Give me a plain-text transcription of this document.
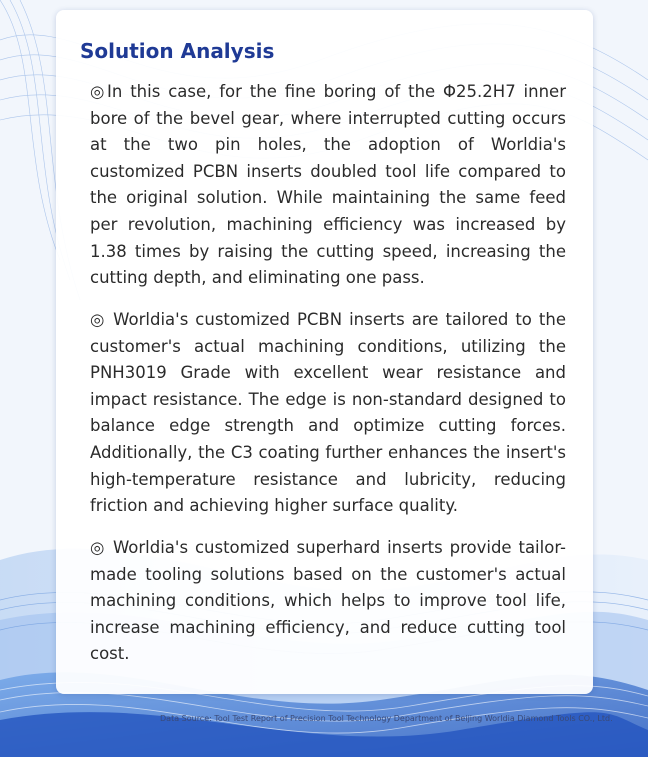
Solution Analysis

◎In this case, for the fine boring of the Φ25.2H7 inner bore of the bevel gear, where interrupted cutting occurs at the two pin holes, the adoption of Worldia's customized PCBN inserts doubled tool life compared to the original solution. While maintaining the same feed per revolution, machining efficiency was increased by 1.38 times by raising the cutting speed, increasing the cutting depth, and eliminating one pass.

◎ Worldia's customized PCBN inserts are tailored to the customer's actual machining conditions, utilizing the PNH3019 Grade with excellent wear resistance and impact resistance. The edge is non-standard designed to balance edge strength and optimize cutting forces. Additionally, the C3 coating further enhances the insert's high-temperature resistance and lubricity, reducing friction and achieving higher surface quality.

◎ Worldia's customized superhard inserts provide tailor-made tooling solutions based on the customer's actual machining conditions, which helps to improve tool life, increase machining efficiency, and reduce cutting tool cost.

Data Source: Tool Test Report of Precision Tool Technology Department of Beijing Worldia Diamond Tools CO., Ltd.
